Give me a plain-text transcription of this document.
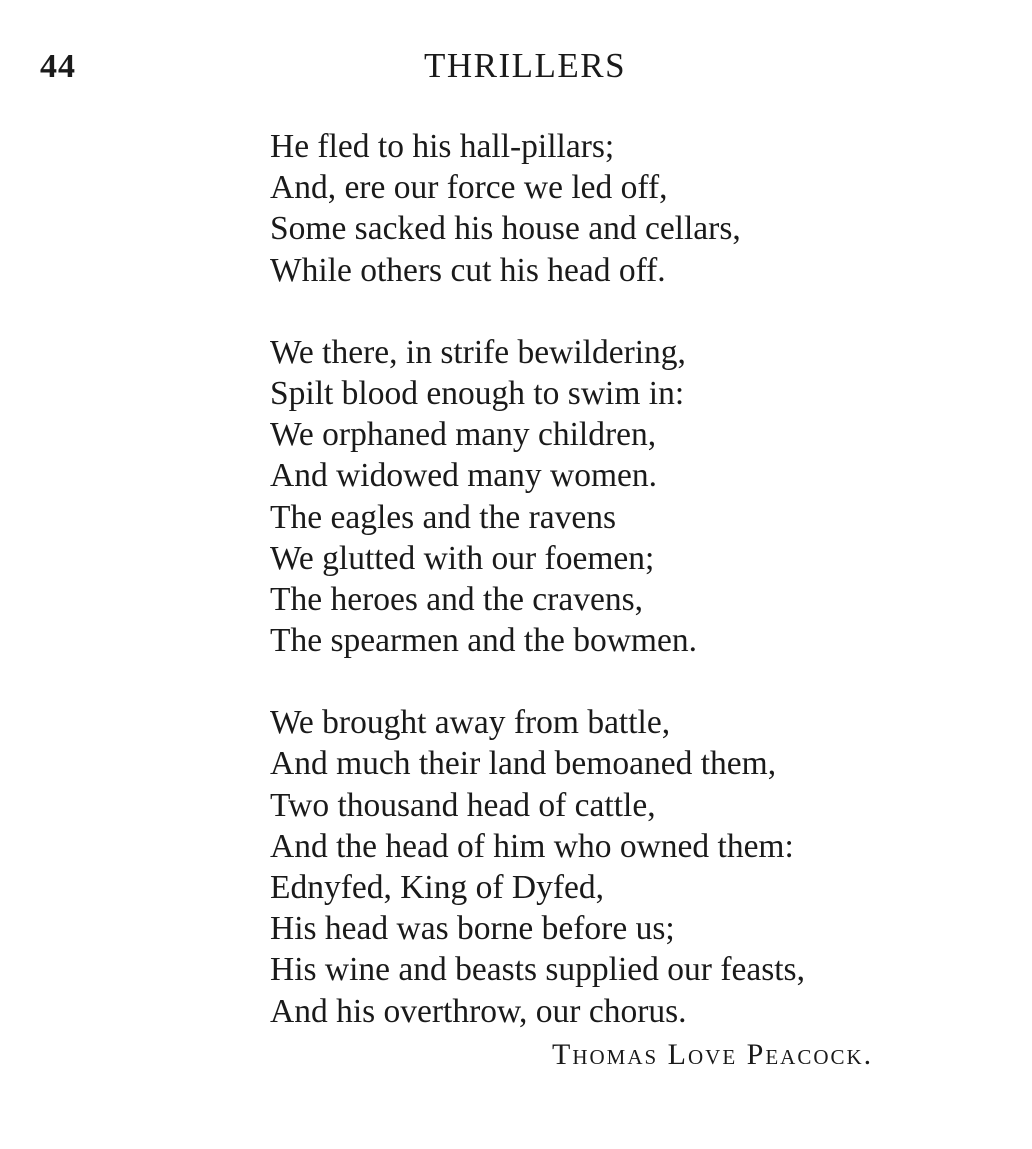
44	THRILLERS
He fled to his hall-pillars;
And, ere our force we led off,
Some sacked his house and cellars,
While others cut his head off.
We there, in strife bewildering,
Spilt blood enough to swim in:
We orphaned many children,
And widowed many women.
The eagles and the ravens
We glutted with our foemen;
The heroes and the cravens,
The spearmen and the bowmen.
We brought away from battle,
And much their land bemoaned them,
Two thousand head of cattle,
And the head of him who owned them:
Ednyfed, King of Dyfed,
His head was borne before us;
His wine and beasts supplied our feasts,
And his overthrow, our chorus.
Thomas Love Peacock.
